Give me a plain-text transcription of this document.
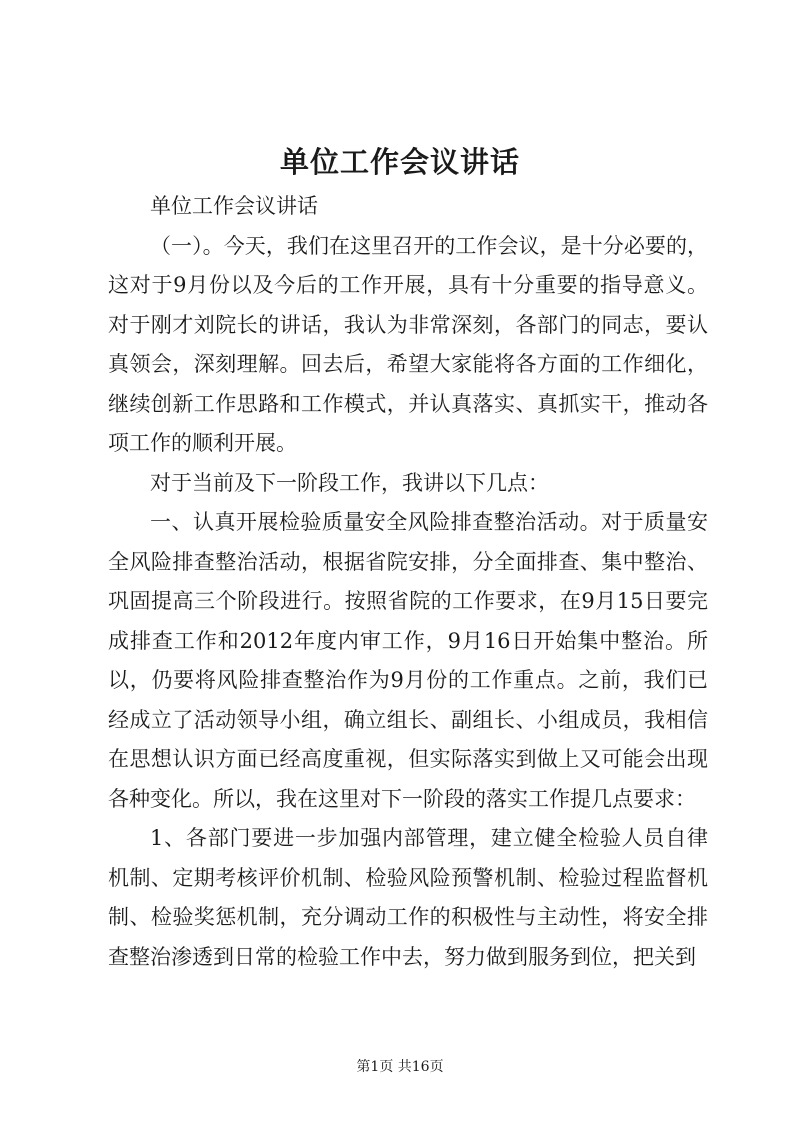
单位工作会议讲话

单位工作会议讲话

（一）。今天，我们在这里召开的工作会议，是十分必要的，这对于9月份以及今后的工作开展，具有十分重要的指导意义。对于刚才刘院长的讲话，我认为非常深刻，各部门的同志，要认真领会，深刻理解。回去后，希望大家能将各方面的工作细化，继续创新工作思路和工作模式，并认真落实、真抓实干，推动各项工作的顺利开展。

对于当前及下一阶段工作，我讲以下几点：

一、认真开展检验质量安全风险排查整治活动。对于质量安全风险排查整治活动，根据省院安排，分全面排查、集中整治、巩固提高三个阶段进行。按照省院的工作要求，在9月15日要完成排查工作和2012年度内审工作，9月16日开始集中整治。所以，仍要将风险排查整治作为9月份的工作重点。之前，我们已经成立了活动领导小组，确立组长、副组长、小组成员，我相信在思想认识方面已经高度重视，但实际落实到做上又可能会出现各种变化。所以，我在这里对下一阶段的落实工作提几点要求：

1、各部门要进一步加强内部管理，建立健全检验人员自律机制、定期考核评价机制、检验风险预警机制、检验过程监督机制、检验奖惩机制，充分调动工作的积极性与主动性，将安全排查整治渗透到日常的检验工作中去，努力做到服务到位，把关到

第1页 共16页
